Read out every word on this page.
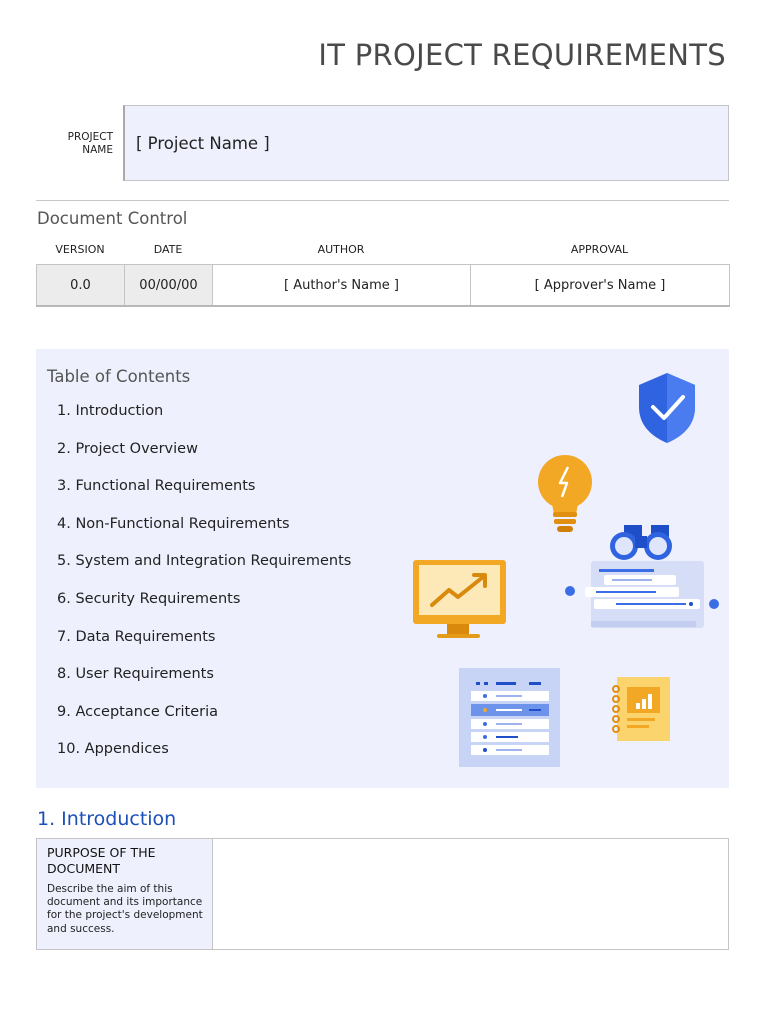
IT PROJECT REQUIREMENTS
PROJECT NAME [ Project Name ]
Document Control
VERSION	DATE	AUTHOR	APPROVAL
0.0	00/00/00	[ Author's Name ]	[ Approver's Name ]
Table of Contents
1. Introduction
2. Project Overview
3. Functional Requirements
4. Non-Functional Requirements
5. System and Integration Requirements
6. Security Requirements
7. Data Requirements
8. User Requirements
9. Acceptance Criteria
10. Appendices
1. Introduction
PURPOSE OF THE DOCUMENT
Describe the aim of this document and its importance for the project's development and success.
